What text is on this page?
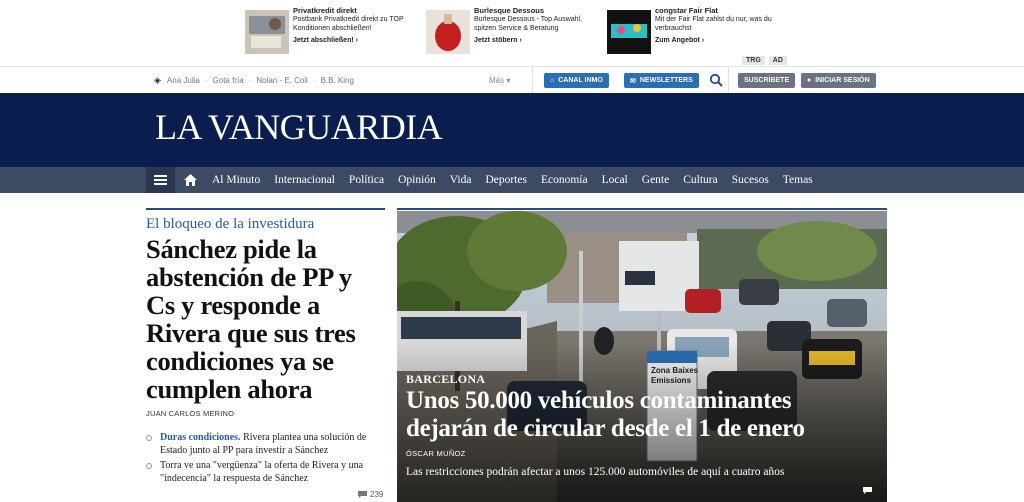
Privatkredit direkt
Postbank Privatkredit direkt zu TOP Konditionen abschließen!
Jetzt abschließen! ›
Burlesque Dessous
Burlesque Dessous - Top Auswahl, spitzen Service & Beratung
Jetzt stöbern ›
congstar Fair Flat
Mit der Fair Flat zahlst du nur, was du verbrauchst
Zum Angebot ›
TRG	AD
◈ Ana Julia · Gota fría · Nolan - E. Coli · B.B. King	Más ▾	⌂ CANAL INMO	✉ NEWSLETTERS	SUSCRÍBETE	● INICIAR SESIÓN
LA VANGUARDIA
Al Minuto	Internacional	Política	Opinión	Vida	Deportes	Economía	Local	Gente	Cultura	Sucesos	Temas
El bloqueo de la investidura
Sánchez pide la abstención de PP y Cs y responde a Rivera que sus tres condiciones ya se cumplen ahora
JUAN CARLOS MERINO
Duras condiciones. Rivera plantea una solución de Estado junto al PP para investir a Sánchez
Torra ve una "vergüenza" la oferta de Rivera y una "indecencia" la respuesta de Sánchez
239
BARCELONA
Unos 50.000 vehículos contaminantes dejarán de circular desde el 1 de enero
ÓSCAR MUÑOZ
Las restricciones podrán afectar a unos 125.000 automóviles de aquí a cuatro años
